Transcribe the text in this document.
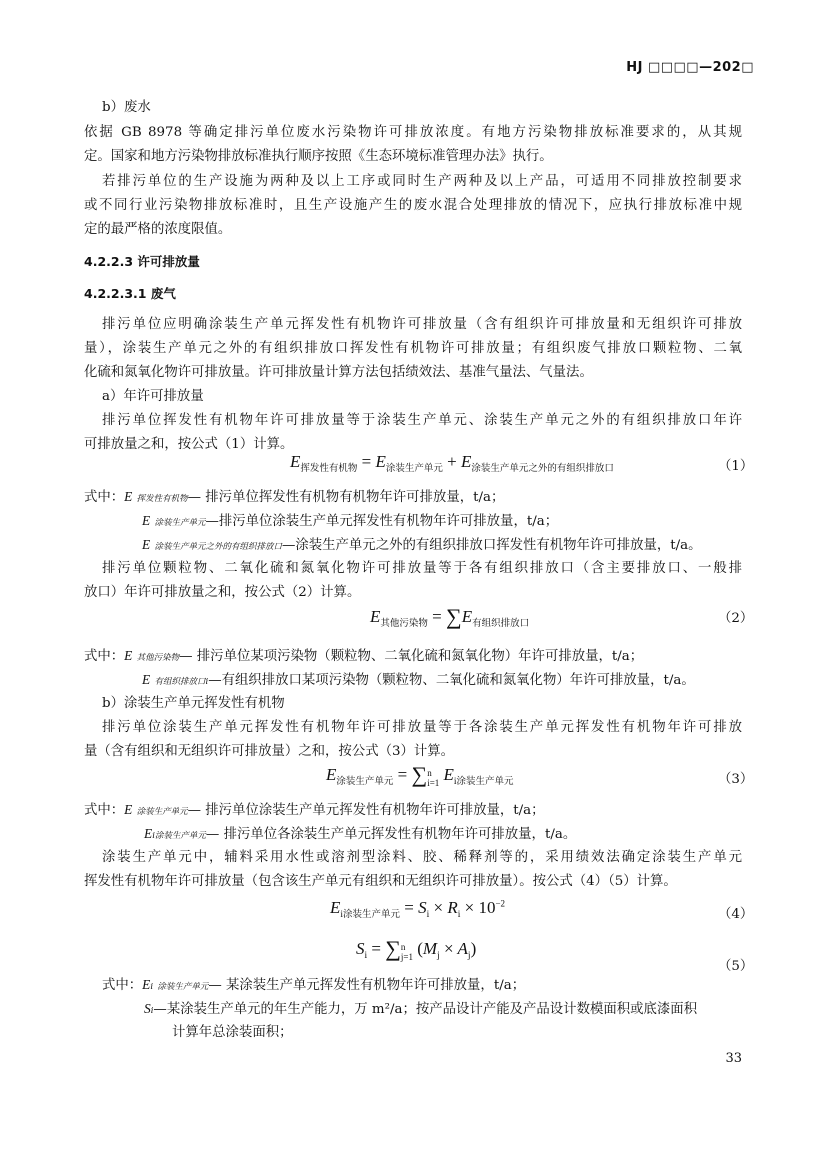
HJ □□□□—202□
b）废水
依据 GB 8978 等确定排污单位废水污染物许可排放浓度。有地方污染物排放标准要求的，从其规
定。国家和地方污染物排放标准执行顺序按照《生态环境标准管理办法》执行。
若排污单位的生产设施为两种及以上工序或同时生产两种及以上产品，可适用不同排放控制要求
或不同行业污染物排放标准时，且生产设施产生的废水混合处理排放的情况下，应执行排放标准中规
定的最严格的浓度限值。
4.2.2.3 许可排放量
4.2.2.3.1 废气
排污单位应明确涂装生产单元挥发性有机物许可排放量（含有组织许可排放量和无组织许可排放
量），涂装生产单元之外的有组织排放口挥发性有机物许可排放量；有组织废气排放口颗粒物、二氧
化硫和氮氧化物许可排放量。许可排放量计算方法包括绩效法、基准气量法、气量法。
a）年许可排放量
排污单位挥发性有机物年许可排放量等于涂装生产单元、涂装生产单元之外的有组织排放口年许
可排放量之和，按公式（1）计算。
$E_{挥发性有机物} = E_{涂装生产单元} + E_{涂装生产单元之外的有组织排放口}$	（1）
式中：E 挥发性有机物— 排污单位挥发性有机物有机物年许可排放量，t/a；
E 涂装生产单元—排污单位涂装生产单元挥发性有机物年许可排放量，t/a；
E 涂装生产单元之外的有组织排放口—涂装生产单元之外的有组织排放口挥发性有机物年许可排放量，t/a。
排污单位颗粒物、二氧化硫和氮氧化物许可排放量等于各有组织排放口（含主要排放口、一般排
放口）年许可排放量之和，按公式（2）计算。
$E_{其他污染物} = \sum E_{有组织排放口}$	（2）
式中：E 其他污染物— 排污单位某项污染物（颗粒物、二氧化硫和氮氧化物）年许可排放量，t/a；
E 有组织排放口i—有组织排放口某项污染物（颗粒物、二氧化硫和氮氧化物）年许可排放量，t/a。
b）涂装生产单元挥发性有机物
排污单位涂装生产单元挥发性有机物年许可排放量等于各涂装生产单元挥发性有机物年许可排放
量（含有组织和无组织许可排放量）之和，按公式（3）计算。
$E_{涂装生产单元} = \sum n$
i=1 $E_{i涂装生产单元}$	（3）
式中：E 涂装生产单元— 排污单位涂装生产单元挥发性有机物年许可排放量，t/a；
Ei涂装生产单元— 排污单位各涂装生产单元挥发性有机物年许可排放量，t/a。
涂装生产单元中，辅料采用水性或溶剂型涂料、胶、稀释剂等的，采用绩效法确定涂装生产单元
挥发性有机物年许可排放量（包含该生产单元有组织和无组织许可排放量）。按公式（4）（5）计算。
$E_{i涂装生产单元} = S_i \times R_i \times 10^{-2}$
（4）
$S_i = \sum n$
j=1 $(M_j \times A_j)$
（5）
式中：Ei 涂装生产单元— 某涂装生产单元挥发性有机物年许可排放量，t/a；
Si—某涂装生产单元的年生产能力，万 m²/a；按产品设计产能及产品设计数模面积或底漆面积
计算年总涂装面积；
33
